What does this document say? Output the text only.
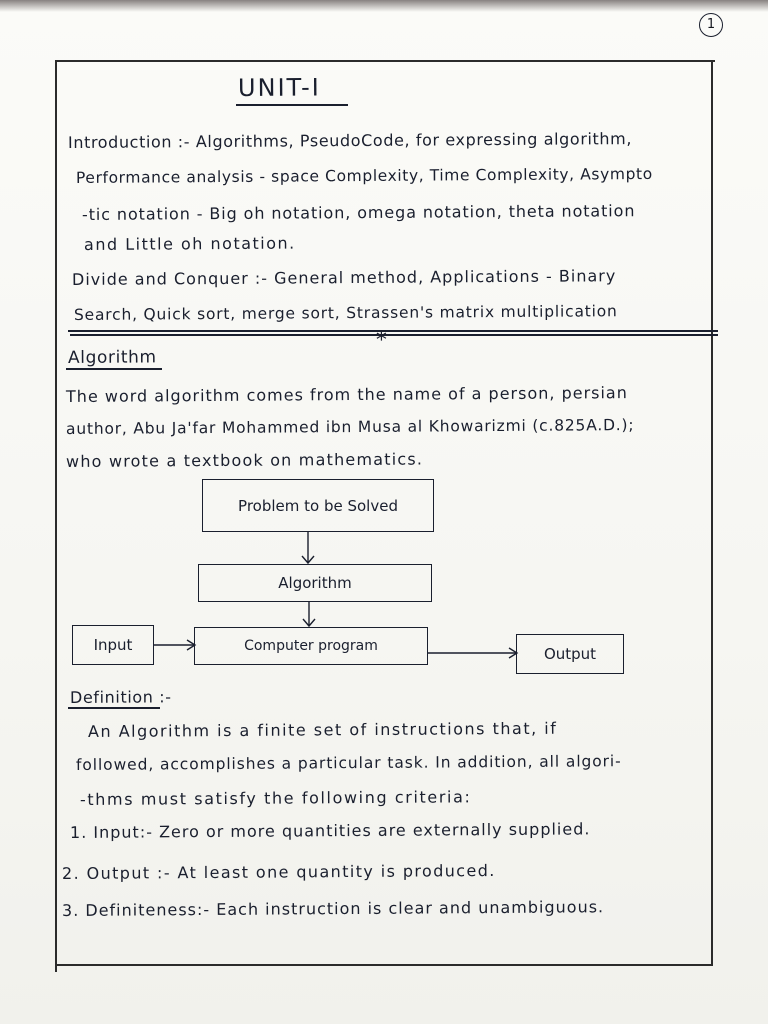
1
UNIT-I
Introduction :- Algorithms, PseudoCode, for expressing algorithm,
Performance analysis - space Complexity, Time Complexity, Asympto
-tic notation - Big oh notation, omega notation, theta notation
and Little oh notation.
Divide and Conquer :- General method, Applications - Binary
Search, Quick sort, merge sort, Strassen's matrix multiplication
*
Algorithm
The word algorithm comes from the name of a person, persian
author, Abu Ja'far Mohammed ibn Musa al Khowarizmi (c.825A.D.);
who wrote a textbook on mathematics.
Problem to be Solved
Algorithm
Input	Computer program	Output
Definition :-
An Algorithm is a finite set of instructions that, if
followed, accomplishes a particular task. In addition, all algori-
-thms must satisfy the following criteria:
1. Input:- Zero or more quantities are externally supplied.
2. Output :- At least one quantity is produced.
3. Definiteness:- Each instruction is clear and unambiguous.
